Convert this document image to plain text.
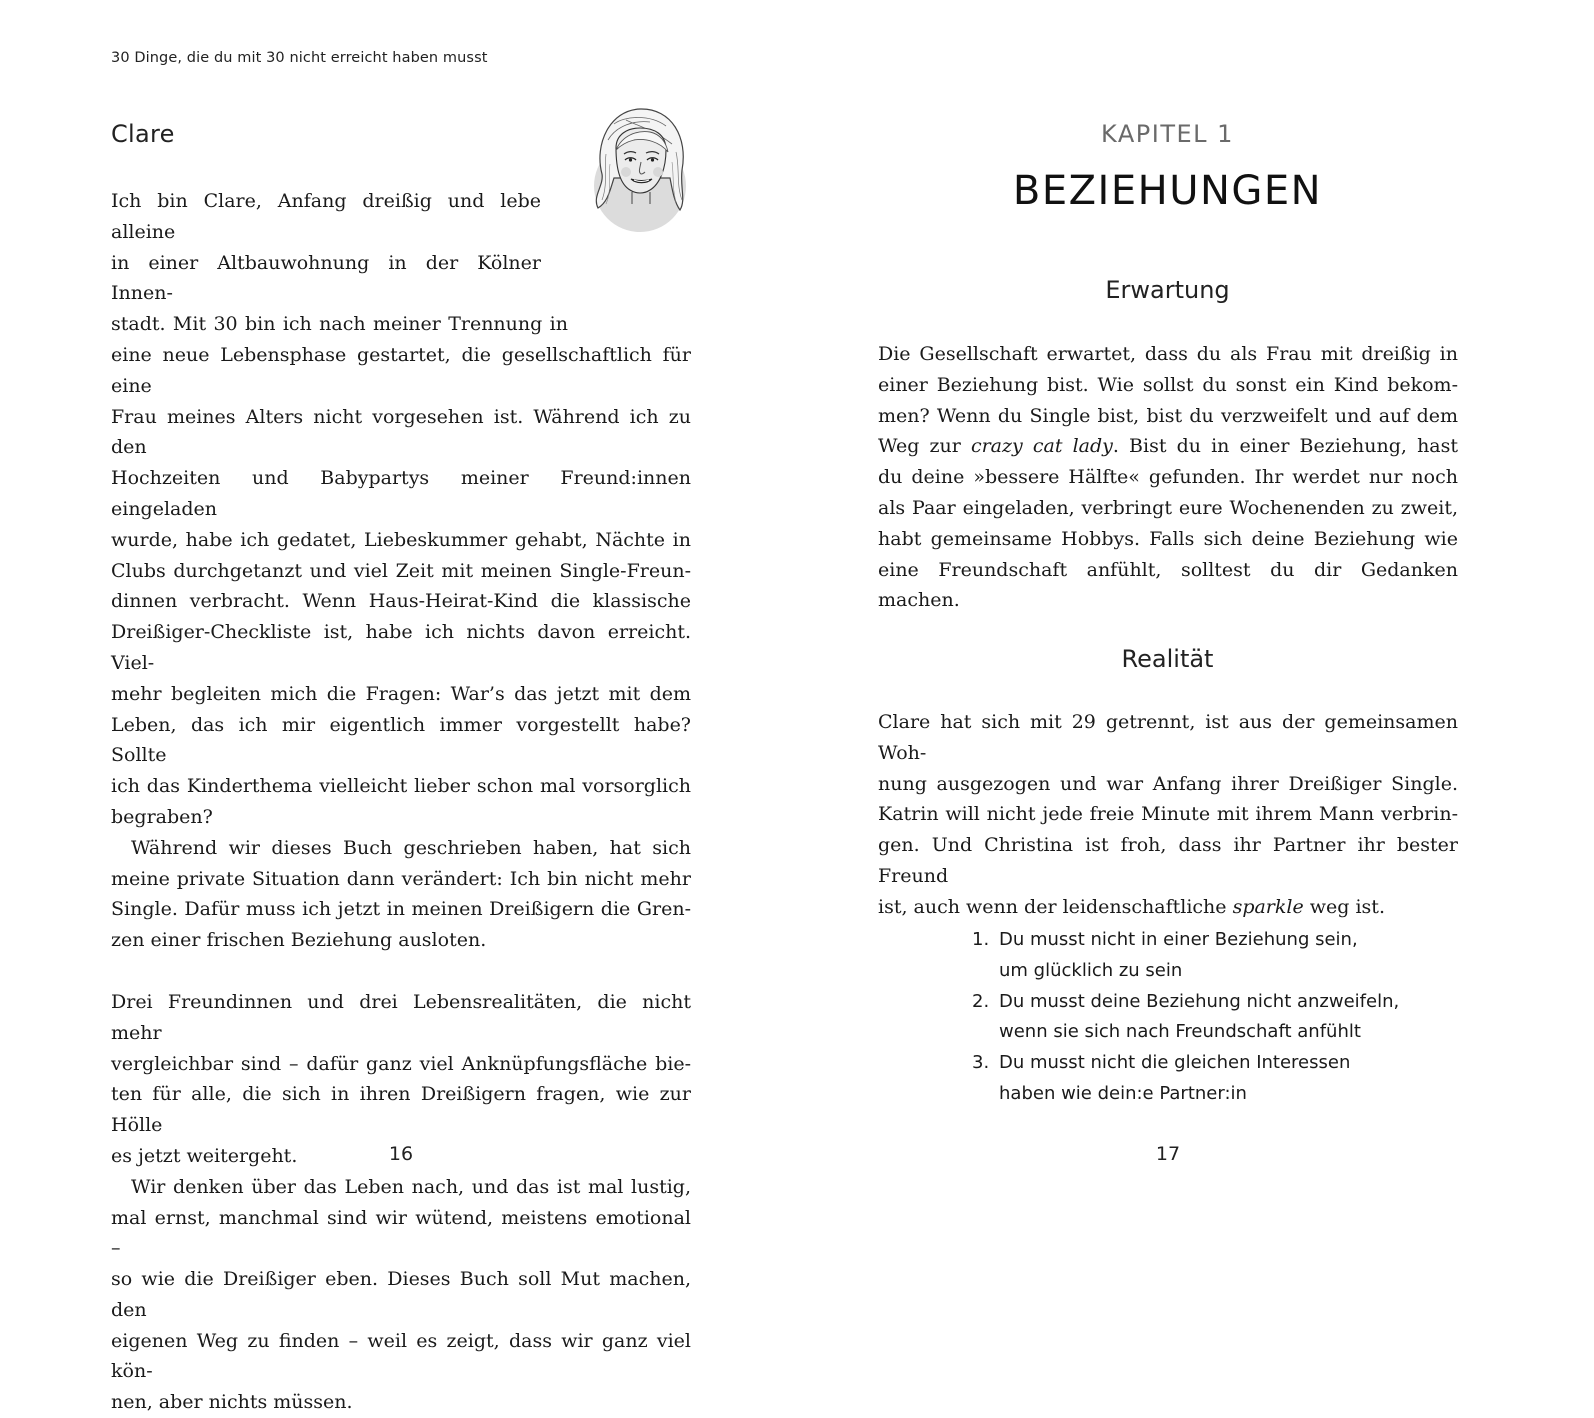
30 Dinge, die du mit 30 nicht erreicht haben musst
Clare

Ich bin Clare, Anfang dreißig und lebe alleine
in einer Altbauwohnung in der Kölner Innen-
stadt. Mit 30 bin ich nach meiner Trennung in
eine neue Lebensphase gestartet, die gesellschaftlich für eine
Frau meines Alters nicht vorgesehen ist. Während ich zu den
Hochzeiten und Babypartys meiner Freund:innen eingeladen
wurde, habe ich gedatet, Liebeskummer gehabt, Nächte in
Clubs durchgetanzt und viel Zeit mit meinen Single-Freun-
dinnen verbracht. Wenn Haus-Heirat-Kind die klassische
Dreißiger-Checkliste ist, habe ich nichts davon erreicht. Viel-
mehr begleiten mich die Fragen: War’s das jetzt mit dem
Leben, das ich mir eigentlich immer vorgestellt habe? Sollte
ich das Kinderthema vielleicht lieber schon mal vorsorglich
begraben?

Während wir dieses Buch geschrieben haben, hat sich
meine private Situation dann verändert: Ich bin nicht mehr
Single. Dafür muss ich jetzt in meinen Dreißigern die Gren-
zen einer frischen Beziehung ausloten.

Drei Freundinnen und drei Lebensrealitäten, die nicht mehr
vergleichbar sind – dafür ganz viel Anknüpfungsfläche bie-
ten für alle, die sich in ihren Dreißigern fragen, wie zur Hölle
es jetzt weitergeht.

Wir denken über das Leben nach, und das ist mal lustig,
mal ernst, manchmal sind wir wütend, meistens emotional –
so wie die Dreißiger eben. Dieses Buch soll Mut machen, den
eigenen Weg zu finden – weil es zeigt, dass wir ganz viel kön-
nen, aber nichts müssen.

16
KAPITEL 1
BEZIEHUNGEN
Erwartung

Die Gesellschaft erwartet, dass du als Frau mit dreißig in
einer Beziehung bist. Wie sollst du sonst ein Kind bekom-
men? Wenn du Single bist, bist du verzweifelt und auf dem
Weg zur crazy cat lady. Bist du in einer Beziehung, hast
du deine »bessere Hälfte« gefunden. Ihr werdet nur noch
als Paar eingeladen, verbringt eure Wochenenden zu zweit,
habt gemeinsame Hobbys. Falls sich deine Beziehung wie
eine Freundschaft anfühlt, solltest du dir Gedanken machen.

Realität

Clare hat sich mit 29 getrennt, ist aus der gemeinsamen Woh-
nung ausgezogen und war Anfang ihrer Dreißiger Single.
Katrin will nicht jede freie Minute mit ihrem Mann verbrin-
gen. Und Christina ist froh, dass ihr Partner ihr bester Freund
ist, auch wenn der leidenschaftliche sparkle weg ist.

1. Du musst nicht in einer Beziehung sein,
um glücklich zu sein
2. Du musst deine Beziehung nicht anzweifeln,
wenn sie sich nach Freundschaft anfühlt
3. Du musst nicht die gleichen Interessen
haben wie dein:e Partner:in
17
